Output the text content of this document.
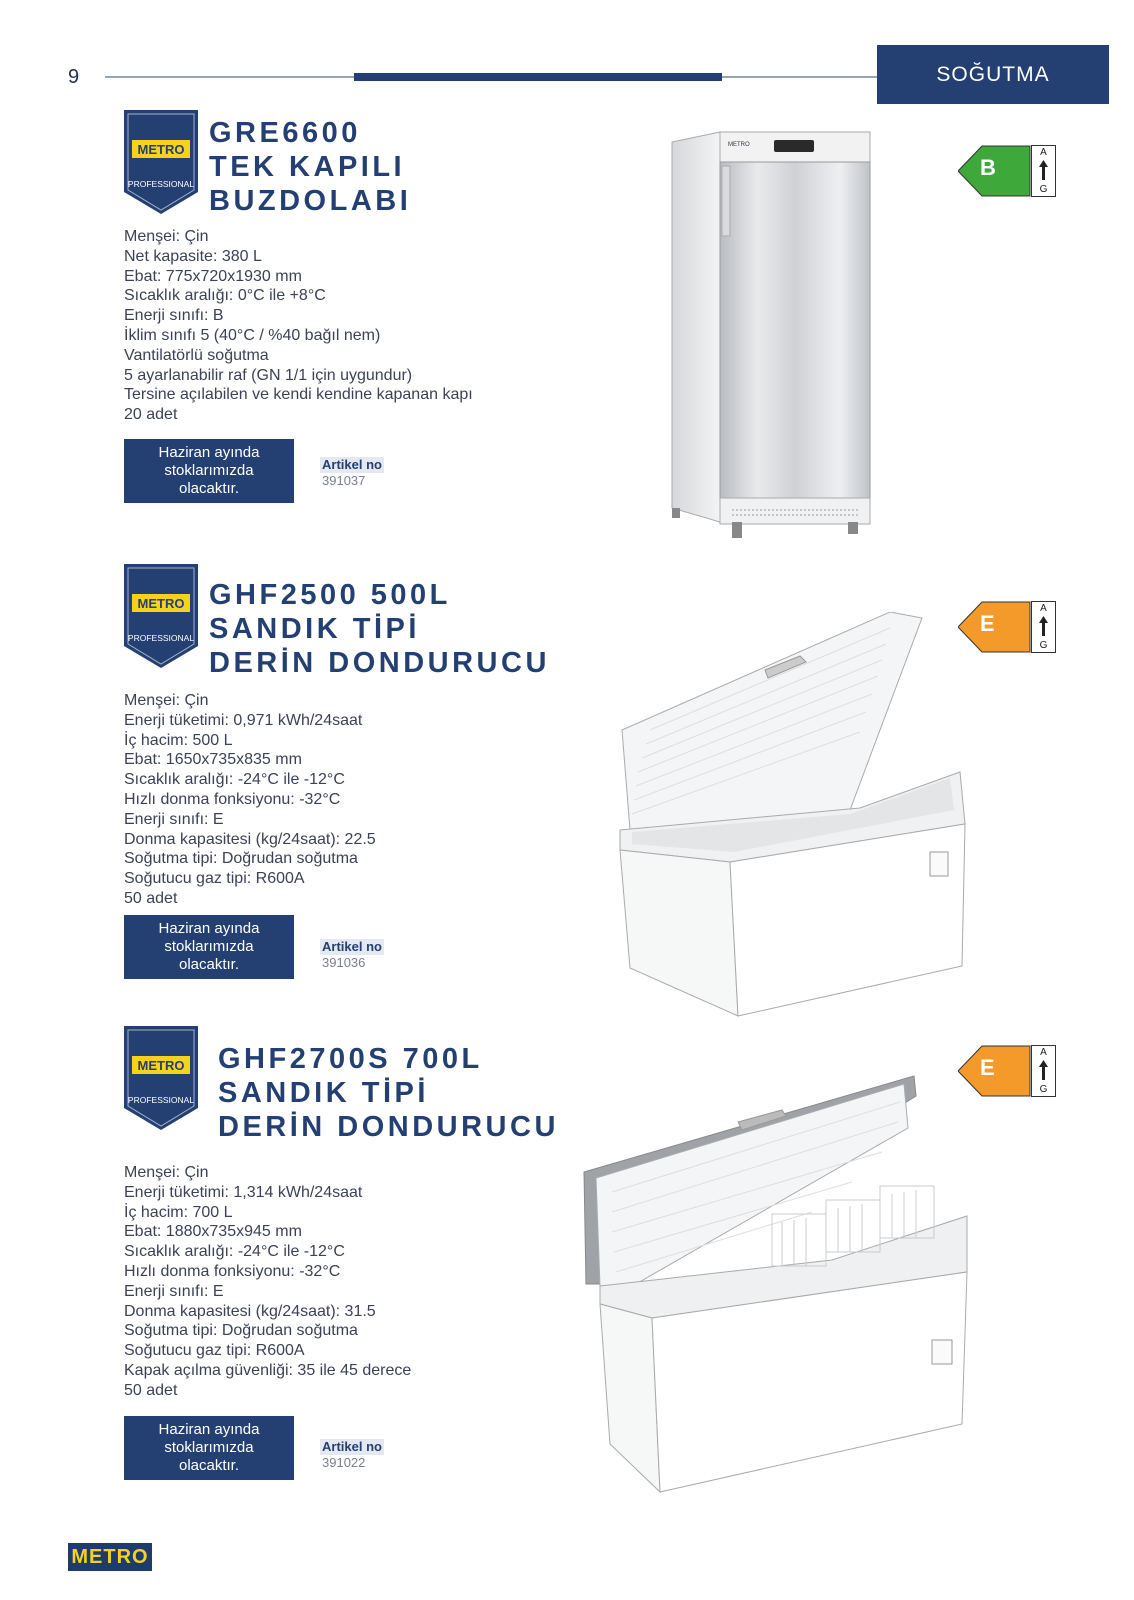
9	SOĞUTMA
METRO
PROFESSIONAL
GRE6600
TEK KAPILI
BUZDOLABI
Menşei: Çin
Net kapasite: 380 L
Ebat: 775x720x1930 mm
Sıcaklık aralığı: 0°C ile +8°C
Enerji sınıfı: B
İklim sınıfı 5 (40°C / %40 bağıl nem)
Vantilatörlü soğutma
5 ayarlanabilir raf (GN 1/1 için uygundur)
Tersine açılabilen ve kendi kendine kapanan kapı
20 adet
Haziran ayında stoklarımızda olacaktır.
Artikel no
391037
B
A
G
METRO
METRO
PROFESSIONAL
GHF2500 500L
SANDIK TİPİ
DERİN DONDURUCU
Menşei: Çin
Enerji tüketimi: 0,971 kWh/24saat
İç hacim: 500 L
Ebat: 1650x735x835 mm
Sıcaklık aralığı: -24°C ile -12°C
Hızlı donma fonksiyonu: -32°C
Enerji sınıfı: E
Donma kapasitesi (kg/24saat): 22.5
Soğutma tipi: Doğrudan soğutma
Soğutucu gaz tipi: R600A
50 adet
Haziran ayında stoklarımızda olacaktır.
Artikel no
391036
E
A
G
METRO
PROFESSIONAL
GHF2700S 700L
SANDIK TİPİ
DERİN DONDURUCU
Menşei: Çin
Enerji tüketimi: 1,314 kWh/24saat
İç hacim: 700 L
Ebat: 1880x735x945 mm
Sıcaklık aralığı: -24°C ile -12°C
Hızlı donma fonksiyonu: -32°C
Enerji sınıfı: E
Donma kapasitesi (kg/24saat): 31.5
Soğutma tipi: Doğrudan soğutma
Soğutucu gaz tipi: R600A
Kapak açılma güvenliği: 35 ile 45 derece
50 adet
Haziran ayında stoklarımızda olacaktır.
Artikel no
391022
E
A
G
METRO
